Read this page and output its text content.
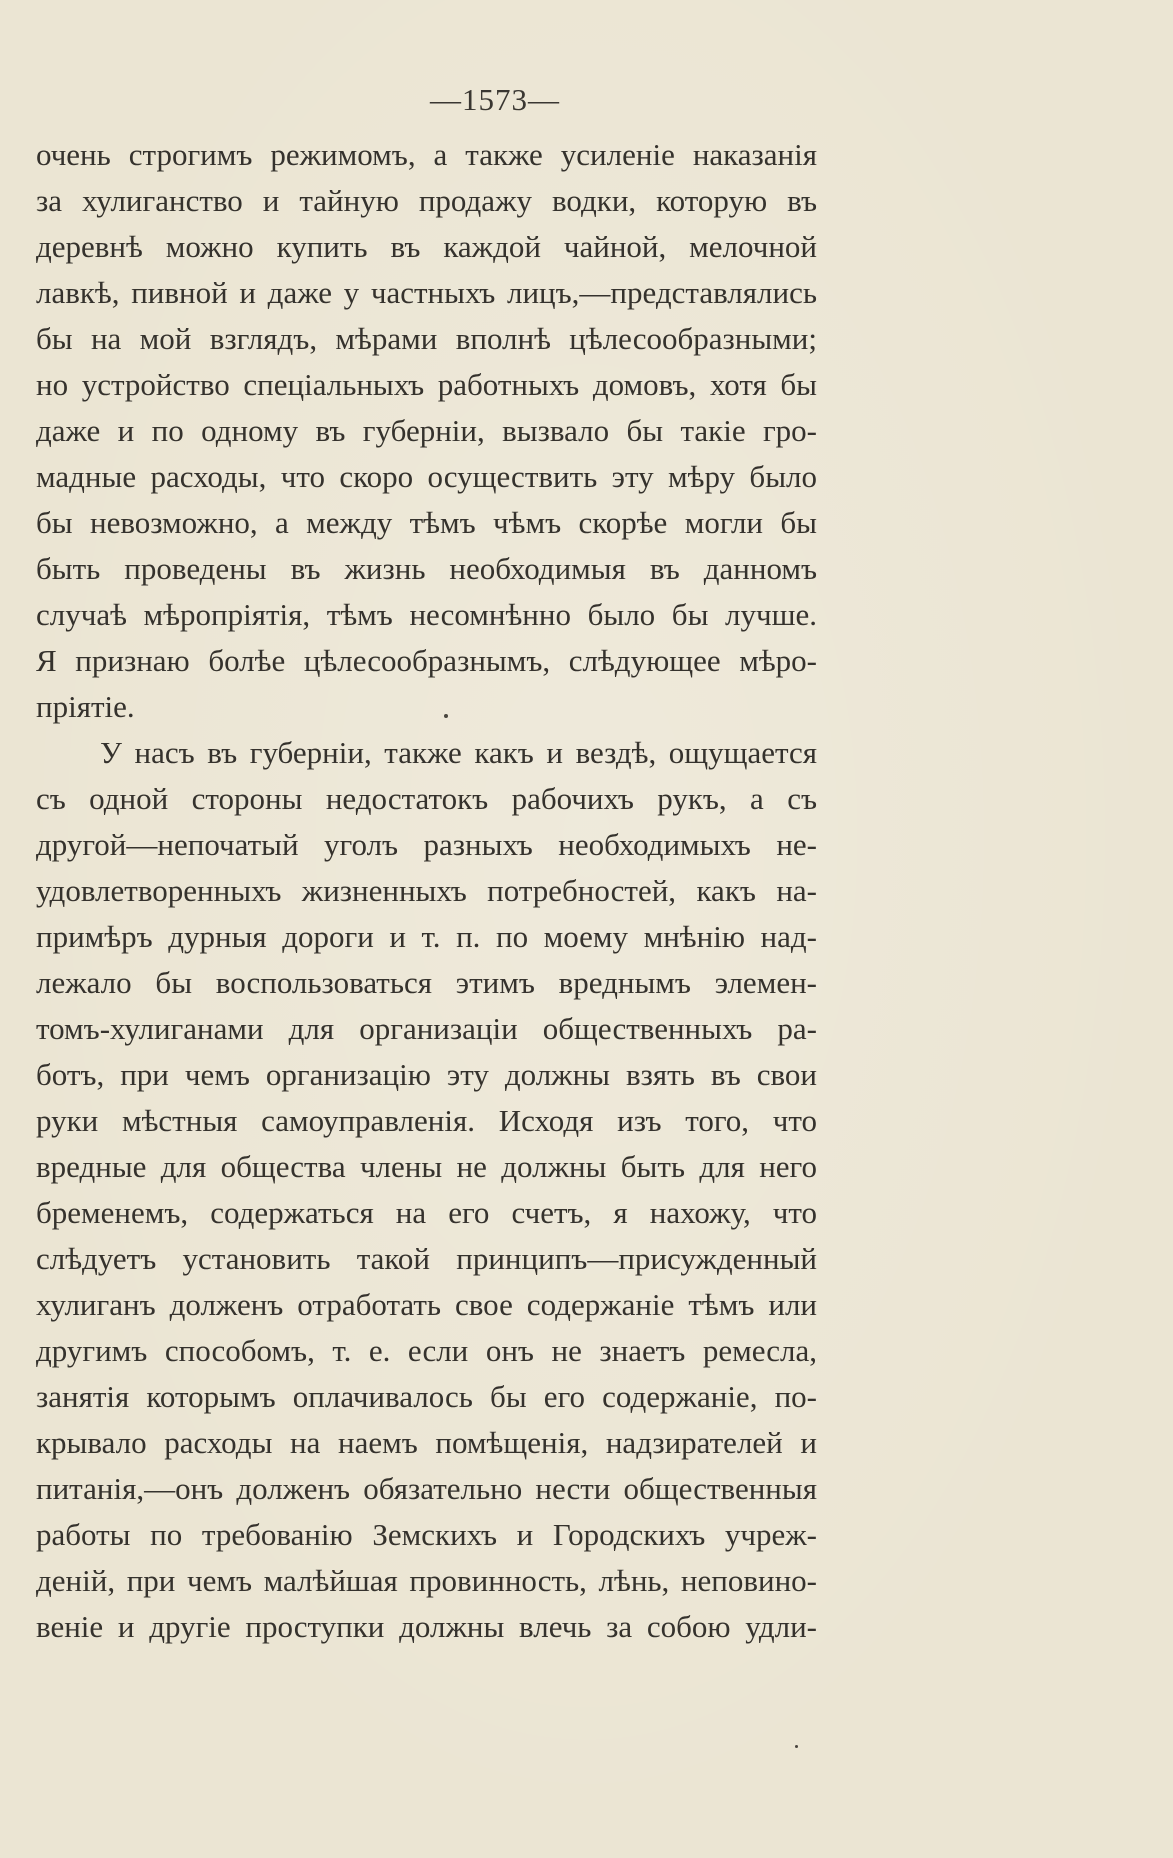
—1573—
очень строгимъ режимомъ, а также усиленіе наказанія
за хулиганство и тайную продажу водки, которую въ
деревнѣ можно купить въ каждой чайной, мелочной
лавкѣ, пивной и даже у частныхъ лицъ,—представлялись
бы на мой взглядъ, мѣрами вполнѣ цѣлесообразными;
но устройство спеціальныхъ работныхъ домовъ, хотя бы
даже и по одному въ губерніи, вызвало бы такіе гро-
мадные расходы, что скоро осуществить эту мѣру было
бы невозможно, а между тѣмъ чѣмъ скорѣе могли бы
быть проведены въ жизнь необходимыя въ данномъ
случаѣ мѣропріятія, тѣмъ несомнѣнно было бы лучше.
Я признаю болѣе цѣлесообразнымъ, слѣдующее мѣро-
пріятіе.
У насъ въ губерніи, также какъ и вездѣ, ощущается
съ одной стороны недостатокъ рабочихъ рукъ, а съ
другой—непочатый уголъ разныхъ необходимыхъ не-
удовлетворенныхъ жизненныхъ потребностей, какъ на-
примѣръ дурныя дороги и т. п. по моему мнѣнію над-
лежало бы воспользоваться этимъ вреднымъ элемен-
томъ-хулиганами для организаціи общественныхъ ра-
ботъ, при чемъ организацію эту должны взять въ свои
руки мѣстныя самоуправленія. Исходя изъ того, что
вредные для общества члены не должны быть для него
бременемъ, содержаться на его счетъ, я нахожу, что
слѣдуетъ установить такой принципъ—присужденный
хулиганъ долженъ отработать свое содержаніе тѣмъ или
другимъ способомъ, т. е. если онъ не знаетъ ремесла,
занятія которымъ оплачивалось бы его содержаніе, по-
крывало расходы на наемъ помѣщенія, надзирателей и
питанія,—онъ долженъ обязательно нести общественныя
работы по требованію Земскихъ и Городскихъ учреж-
деній, при чемъ малѣйшая провинность, лѣнь, неповино-
веніе и другіе проступки должны влечь за собою удли-
